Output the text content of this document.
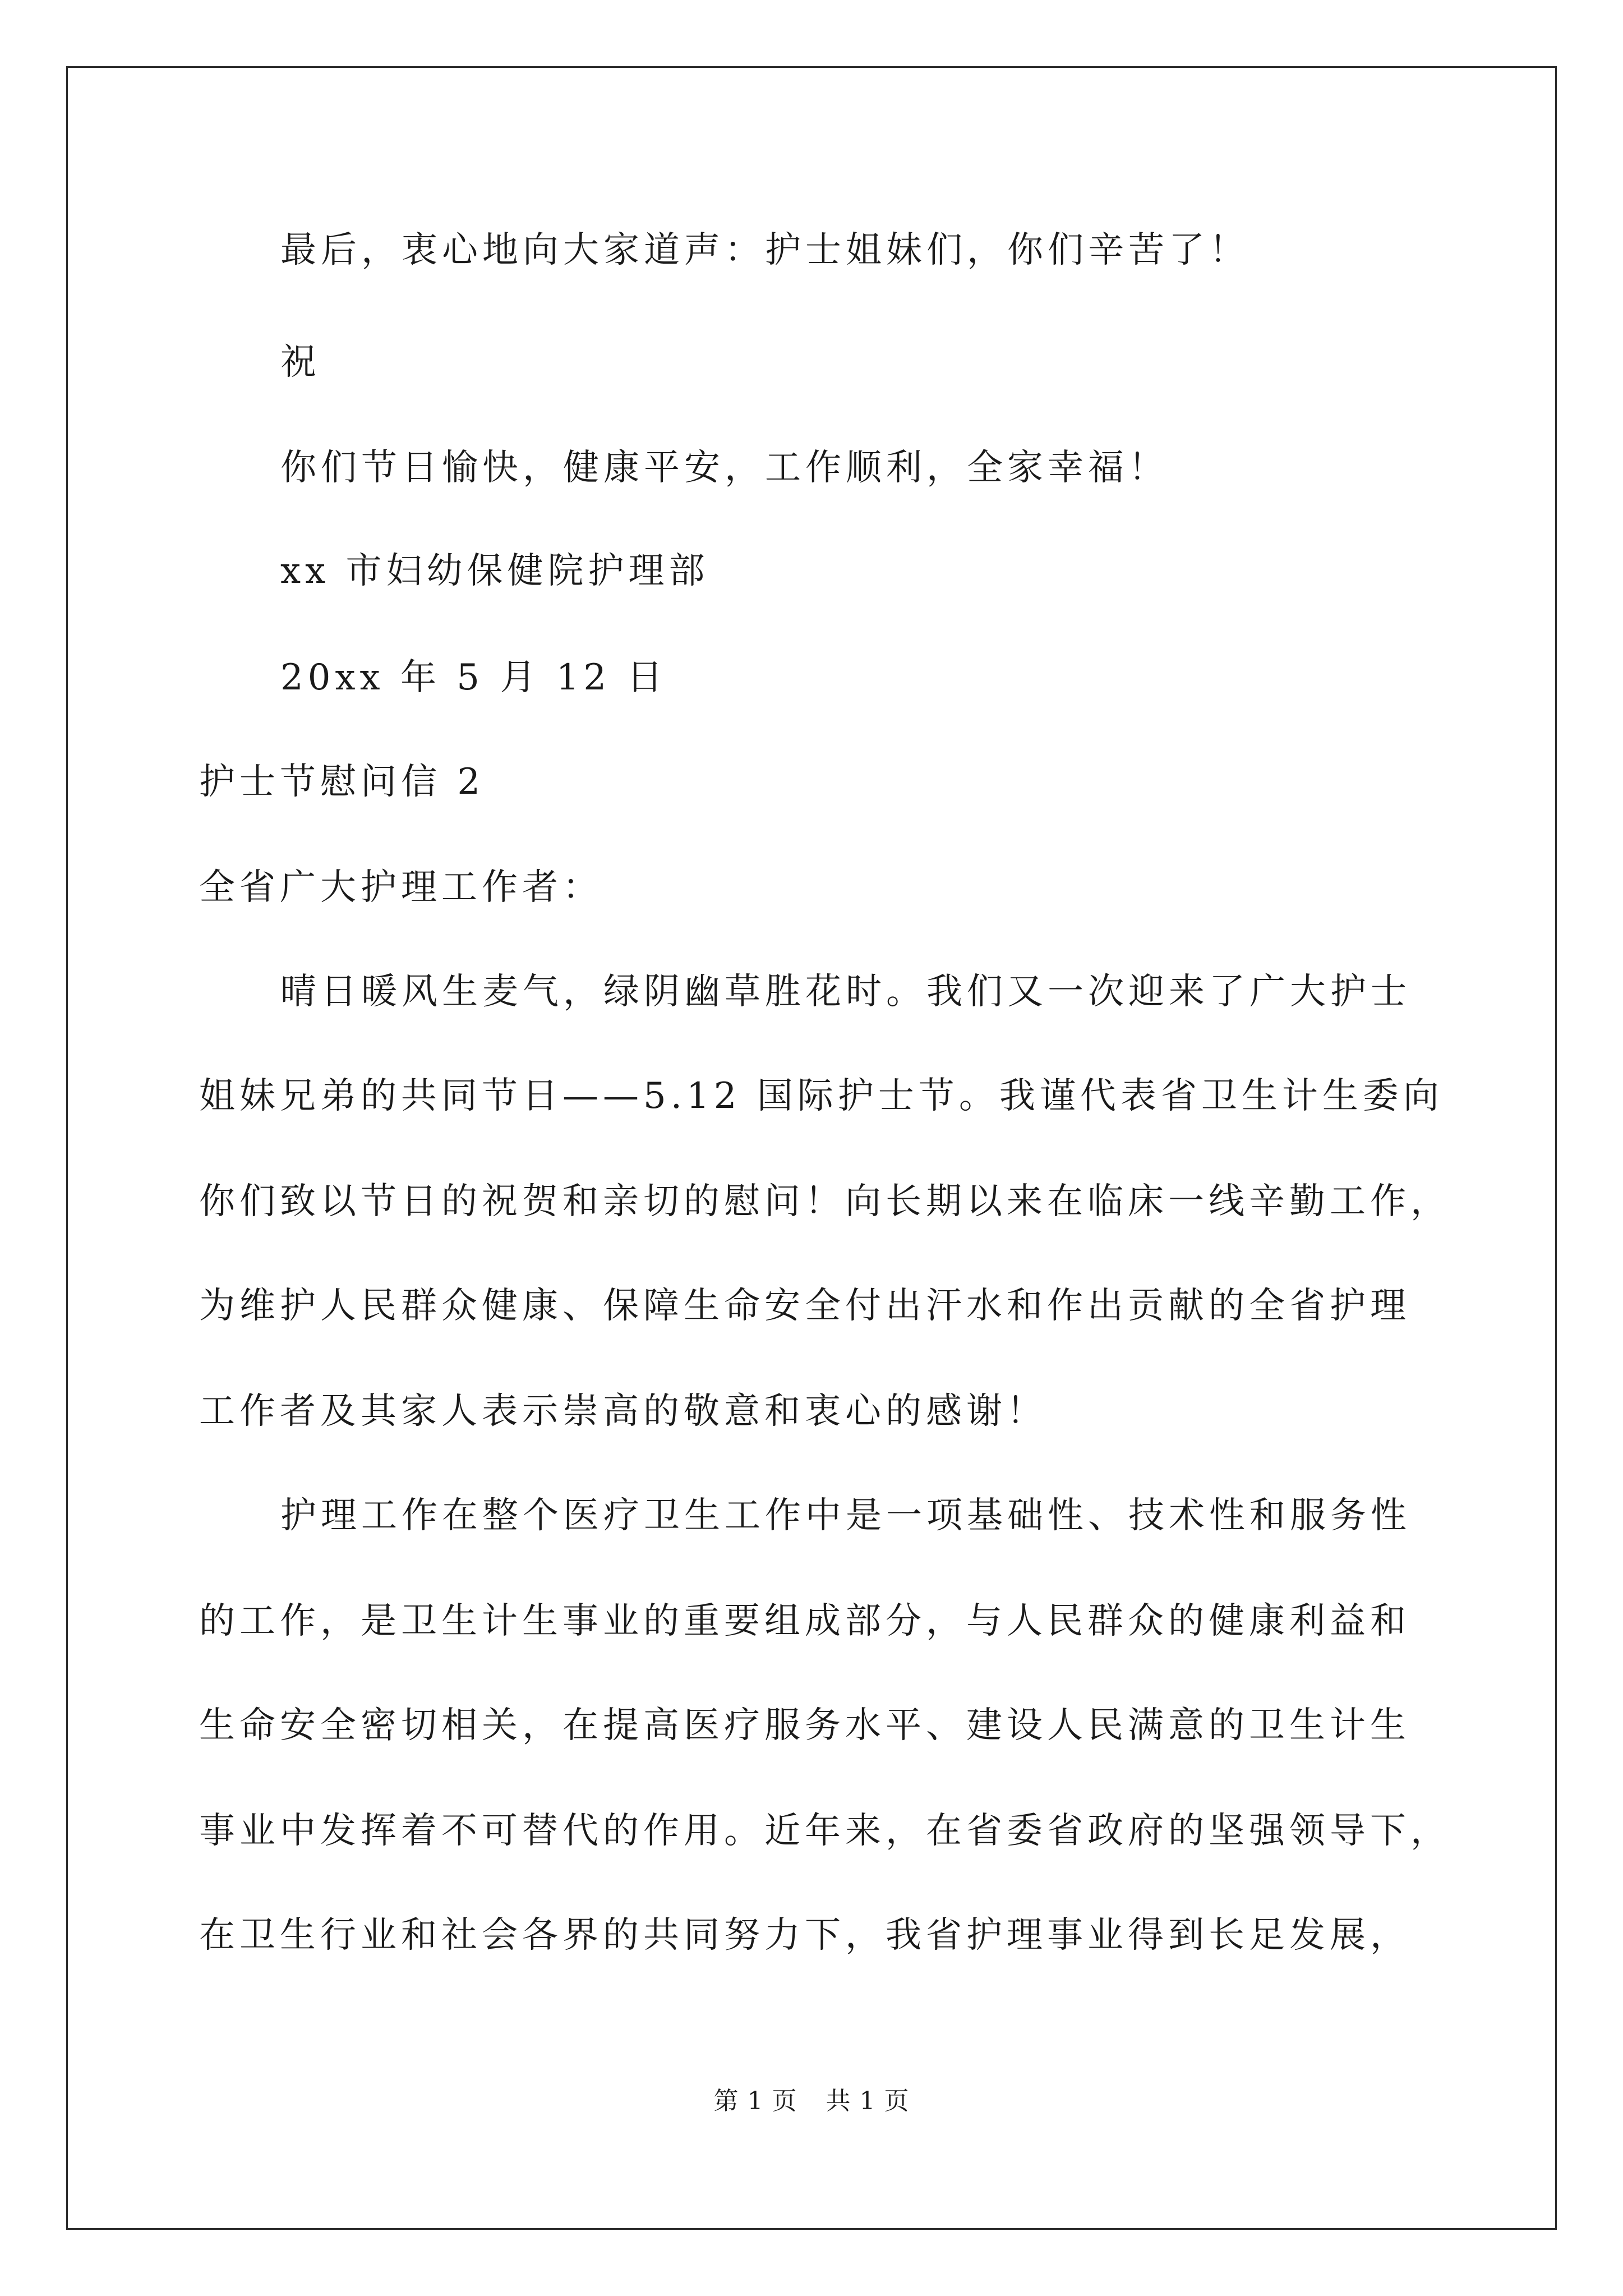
最后，衷心地向大家道声：护士姐妹们，你们辛苦了！
祝
你们节日愉快，健康平安，工作顺利，全家幸福！
xx 市妇幼保健院护理部
20xx 年 5 月 12 日
护士节慰问信 2
全省广大护理工作者：
晴日暖风生麦气，绿阴幽草胜花时。我们又一次迎来了广大护士
姐妹兄弟的共同节日——5.12 国际护士节。我谨代表省卫生计生委向
你们致以节日的祝贺和亲切的慰问！向长期以来在临床一线辛勤工作，
为维护人民群众健康、保障生命安全付出汗水和作出贡献的全省护理
工作者及其家人表示崇高的敬意和衷心的感谢！
护理工作在整个医疗卫生工作中是一项基础性、技术性和服务性
的工作，是卫生计生事业的重要组成部分，与人民群众的健康利益和
生命安全密切相关，在提高医疗服务水平、建设人民满意的卫生计生
事业中发挥着不可替代的作用。近年来，在省委省政府的坚强领导下，
在卫生行业和社会各界的共同努力下，我省护理事业得到长足发展，
第 1 页 共 1 页
